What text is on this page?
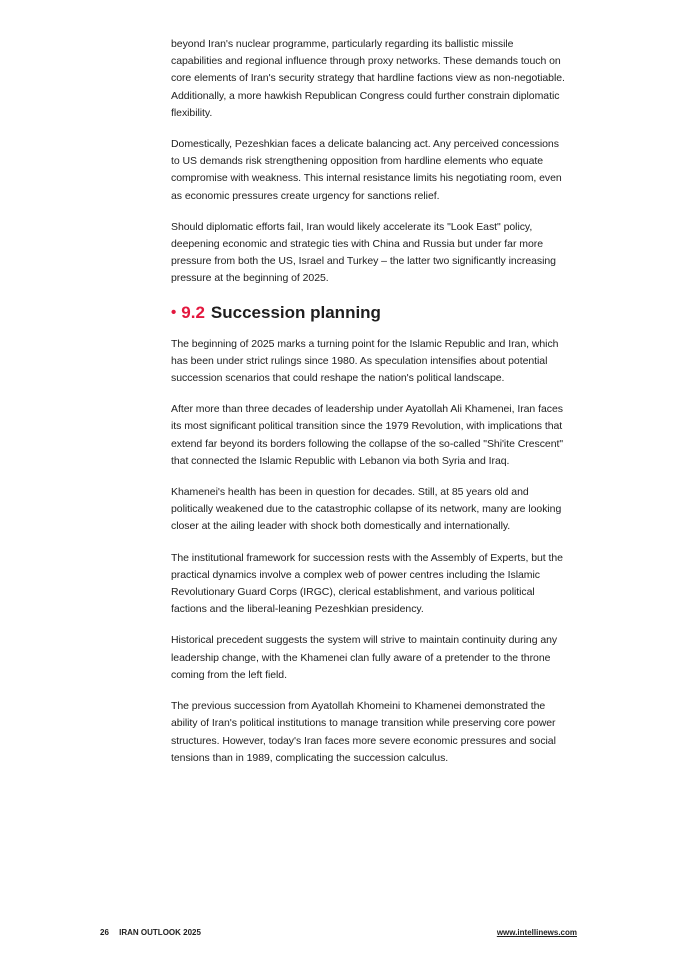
beyond Iran's nuclear programme, particularly regarding its ballistic missile capabilities and regional influence through proxy networks. These demands touch on core elements of Iran's security strategy that hardline factions view as non-negotiable. Additionally, a more hawkish Republican Congress could further constrain diplomatic flexibility.

Domestically, Pezeshkian faces a delicate balancing act. Any perceived concessions to US demands risk strengthening opposition from hardline elements who equate compromise with weakness. This internal resistance limits his negotiating room, even as economic pressures create urgency for sanctions relief.

Should diplomatic efforts fail, Iran would likely accelerate its "Look East" policy, deepening economic and strategic ties with China and Russia but under far more pressure from both the US, Israel and Turkey – the latter two significantly increasing pressure at the beginning of 2025.

• 9.2 Succession planning

The beginning of 2025 marks a turning point for the Islamic Republic and Iran, which has been under strict rulings since 1980. As speculation intensifies about potential succession scenarios that could reshape the nation's political landscape.

After more than three decades of leadership under Ayatollah Ali Khamenei, Iran faces its most significant political transition since the 1979 Revolution, with implications that extend far beyond its borders following the collapse of the so-called "Shi'ite Crescent" that connected the Islamic Republic with Lebanon via both Syria and Iraq.

Khamenei's health has been in question for decades. Still, at 85 years old and politically weakened due to the catastrophic collapse of its network, many are looking closer at the ailing leader with shock both domestically and internationally.

The institutional framework for succession rests with the Assembly of Experts, but the practical dynamics involve a complex web of power centres including the Islamic Revolutionary Guard Corps (IRGC), clerical establishment, and various political factions and the liberal-leaning Pezeshkian presidency.

Historical precedent suggests the system will strive to maintain continuity during any leadership change, with the Khamenei clan fully aware of a pretender to the throne coming from the left field.

The previous succession from Ayatollah Khomeini to Khamenei demonstrated the ability of Iran's political institutions to manage transition while preserving core power structures. However, today's Iran faces more severe economic pressures and social tensions than in 1989, complicating the succession calculus.

26 IRAN OUTLOOK 2025	www.intellinews.com
